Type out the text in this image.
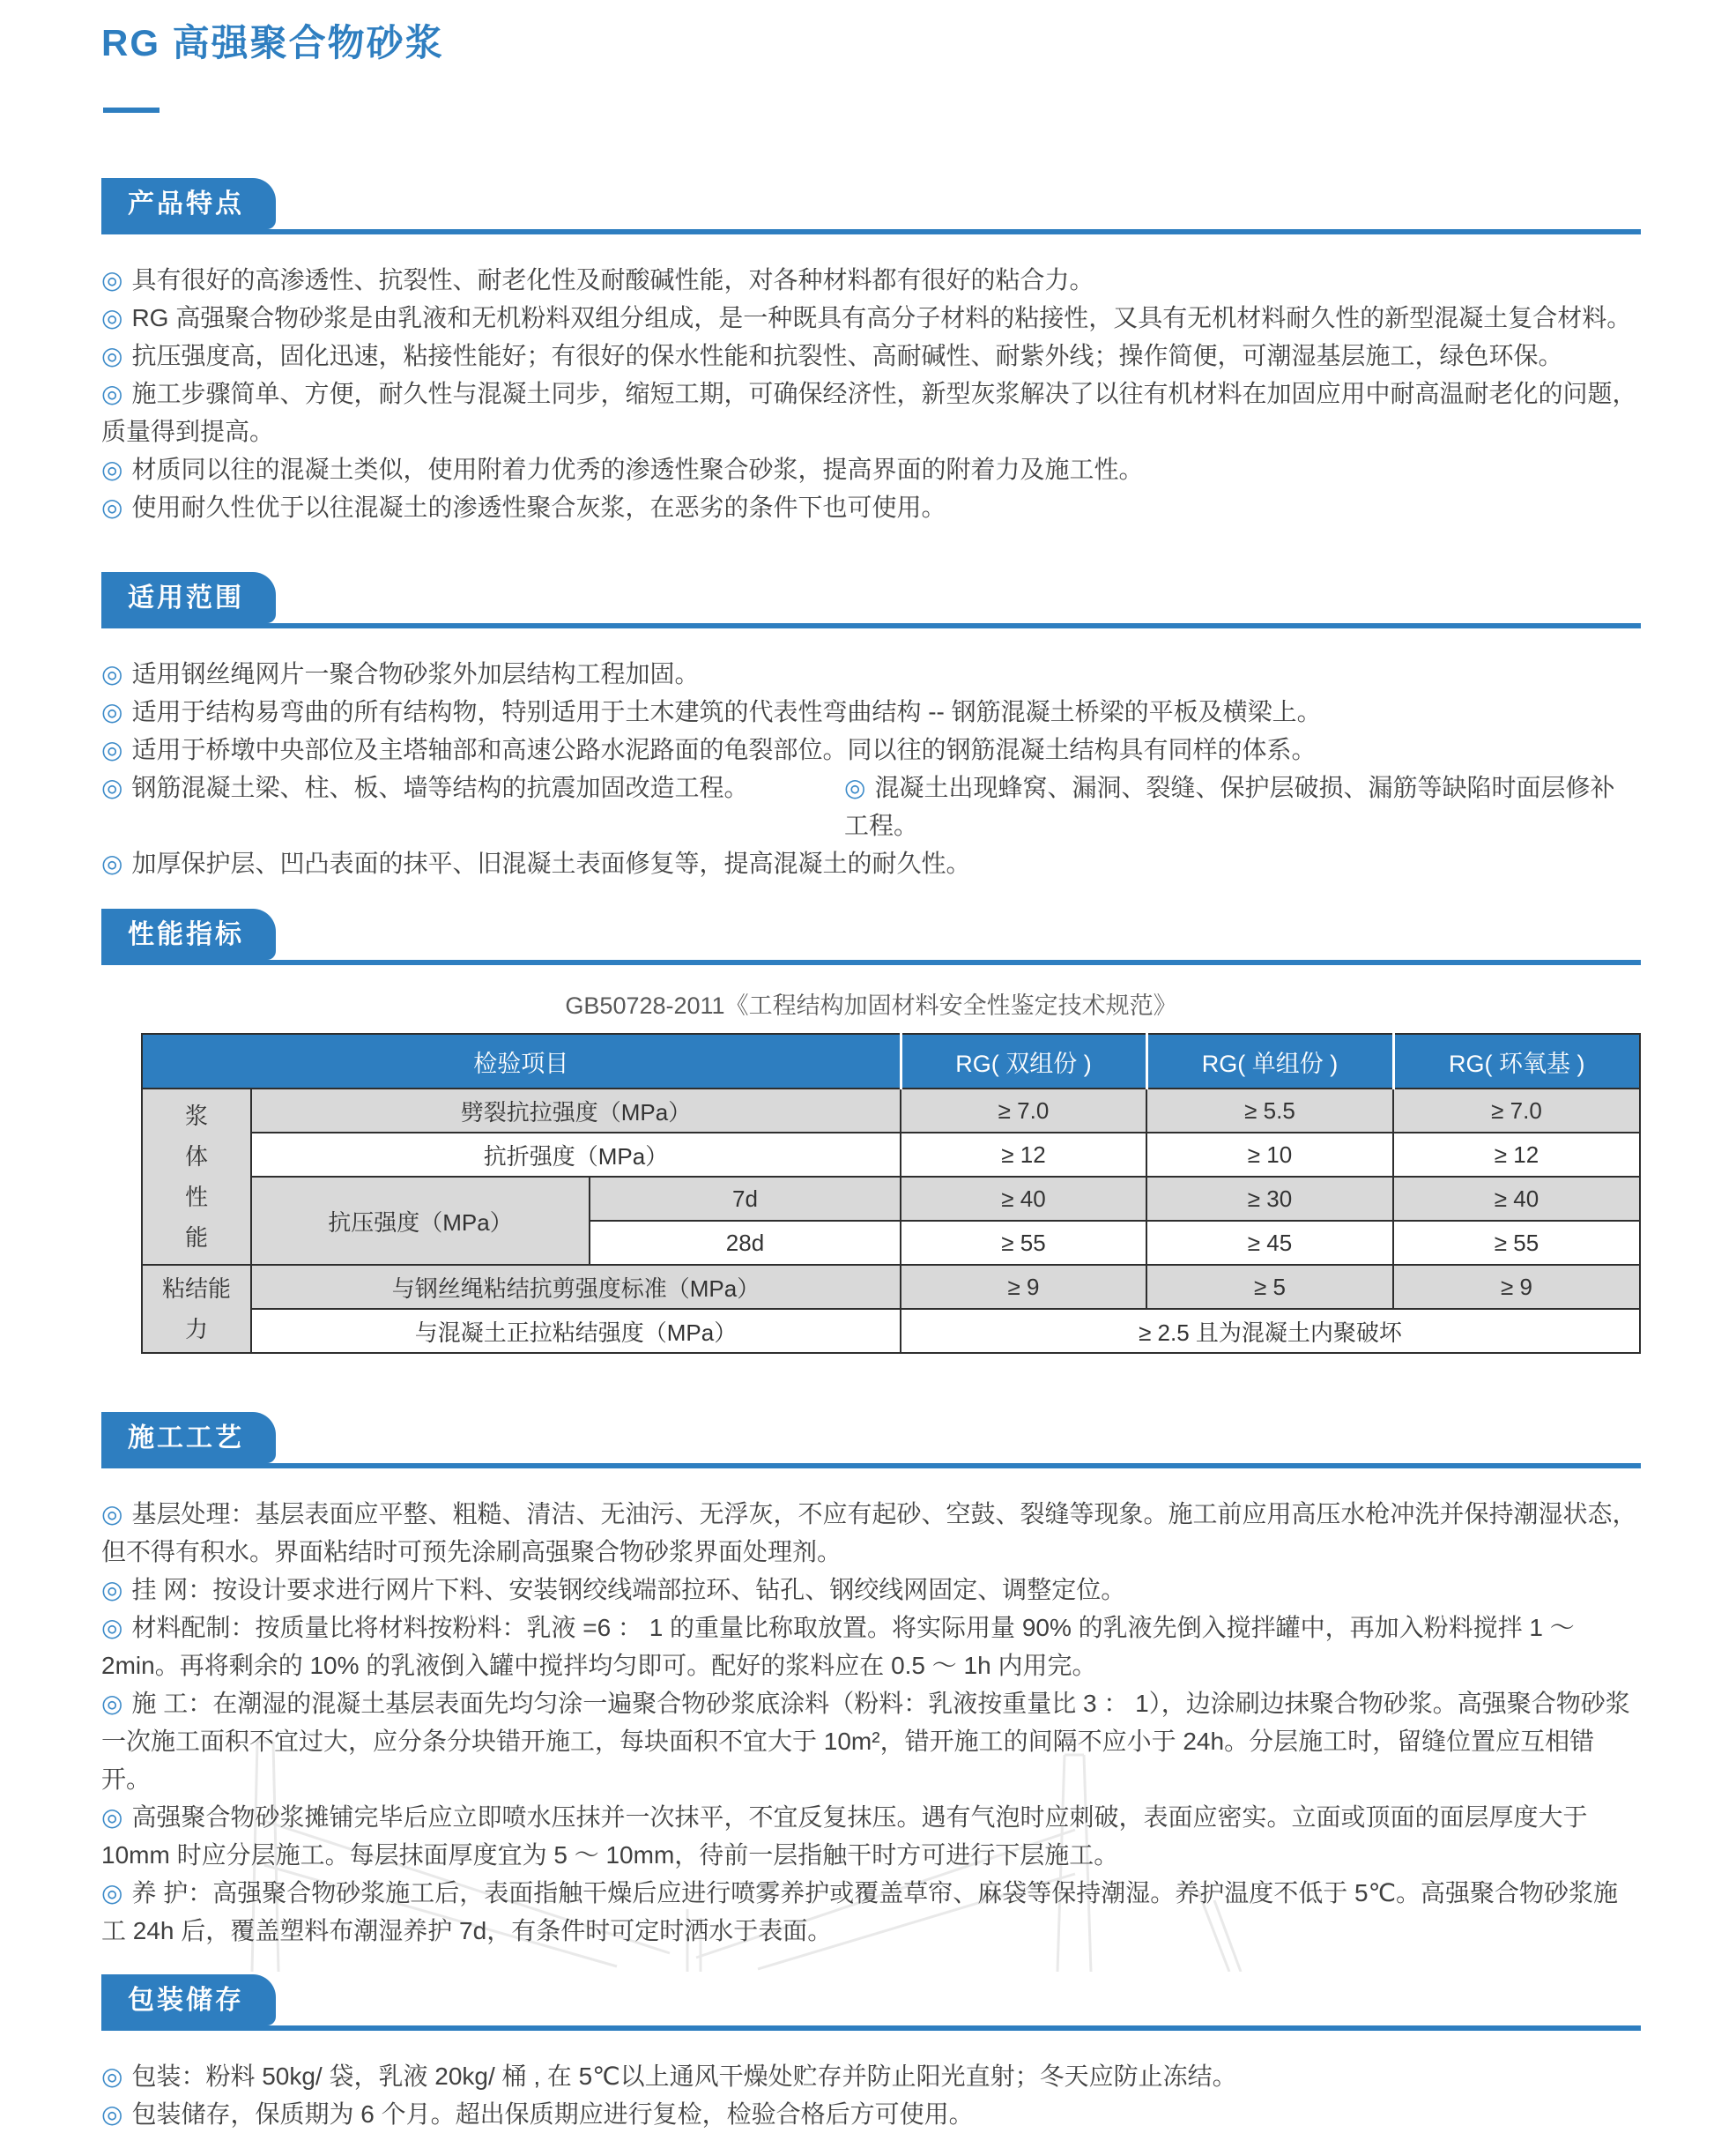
RG 高强聚合物砂浆
产品特点
◎ 具有很好的高渗透性、抗裂性、耐老化性及耐酸碱性能，对各种材料都有很好的粘合力。
◎ RG 高强聚合物砂浆是由乳液和无机粉料双组分组成，是一种既具有高分子材料的粘接性，又具有无机材料耐久性的新型混凝土复合材料。
◎ 抗压强度高，固化迅速，粘接性能好；有很好的保水性能和抗裂性、高耐碱性、耐紫外线；操作简便，可潮湿基层施工，绿色环保。
◎ 施工步骤简单、方便，耐久性与混凝土同步，缩短工期，可确保经济性，新型灰浆解决了以往有机材料在加固应用中耐高温耐老化的问题，质量得到提高。
◎ 材质同以往的混凝土类似，使用附着力优秀的渗透性聚合砂浆，提高界面的附着力及施工性。
◎ 使用耐久性优于以往混凝土的渗透性聚合灰浆，在恶劣的条件下也可使用。
适用范围
◎ 适用钢丝绳网片一聚合物砂浆外加层结构工程加固。
◎ 适用于结构易弯曲的所有结构物，特别适用于土木建筑的代表性弯曲结构 -- 钢筋混凝土桥梁的平板及横梁上。
◎ 适用于桥墩中央部位及主塔轴部和高速公路水泥路面的龟裂部位。同以往的钢筋混凝土结构具有同样的体系。
◎ 钢筋混凝土梁、柱、板、墙等结构的抗震加固改造工程。	◎ 混凝土出现蜂窝、漏洞、裂缝、保护层破损、漏筋等缺陷时面层修补工程。
◎ 加厚保护层、凹凸表面的抹平、旧混凝土表面修复等，提高混凝土的耐久性。
性能指标
GB50728-2011《工程结构加固材料安全性鉴定技术规范》
检验项目			RG( 双组份 )	RG( 单组份 )	RG( 环氧基 )
浆体性能	劈裂抗拉强度（MPa）		≥ 7.0	≥ 5.5	≥ 7.0
	抗折强度（MPa）		≥ 12	≥ 10	≥ 12
	抗压强度（MPa）	7d	≥ 40	≥ 30	≥ 40
		28d	≥ 55	≥ 45	≥ 55
粘结能力	与钢丝绳粘结抗剪强度标准（MPa）		≥ 9	≥ 5	≥ 9
	与混凝土正拉粘结强度（MPa）		≥ 2.5 且为混凝土内聚破坏		
施工工艺
◎ 基层处理：基层表面应平整、粗糙、清洁、无油污、无浮灰，不应有起砂、空鼓、裂缝等现象。施工前应用高压水枪冲洗并保持潮湿状态，但不得有积水。界面粘结时可预先涂刷高强聚合物砂浆界面处理剂。
◎ 挂 网：按设计要求进行网片下料、安装钢绞线端部拉环、钻孔、钢绞线网固定、调整定位。
◎ 材料配制：按质量比将材料按粉料：乳液 =6 ： 1 的重量比称取放置。将实际用量 90% 的乳液先倒入搅拌罐中，再加入粉料搅拌 1 ～ 2min。再将剩余的 10% 的乳液倒入罐中搅拌均匀即可。配好的浆料应在 0.5 ～ 1h 内用完。
◎ 施 工：在潮湿的混凝土基层表面先均匀涂一遍聚合物砂浆底涂料（粉料：乳液按重量比 3 ： 1），边涂刷边抹聚合物砂浆。高强聚合物砂浆一次施工面积不宜过大，应分条分块错开施工，每块面积不宜大于 10m²，错开施工的间隔不应小于 24h。分层施工时，留缝位置应互相错开。
◎ 高强聚合物砂浆摊铺完毕后应立即喷水压抹并一次抹平，不宜反复抹压。遇有气泡时应刺破，表面应密实。立面或顶面的面层厚度大于 10mm 时应分层施工。每层抹面厚度宜为 5 ～ 10mm，待前一层指触干时方可进行下层施工。
◎ 养 护：高强聚合物砂浆施工后，表面指触干燥后应进行喷雾养护或覆盖草帘、麻袋等保持潮湿。养护温度不低于 5℃。高强聚合物砂浆施工 24h 后，覆盖塑料布潮湿养护 7d，有条件时可定时洒水于表面。
包装储存
◎ 包装：粉料 50kg/ 袋，乳液 20kg/ 桶 , 在 5℃以上通风干燥处贮存并防止阳光直射；冬天应防止冻结。
◎ 包装储存，保质期为 6 个月。超出保质期应进行复检，检验合格后方可使用。
